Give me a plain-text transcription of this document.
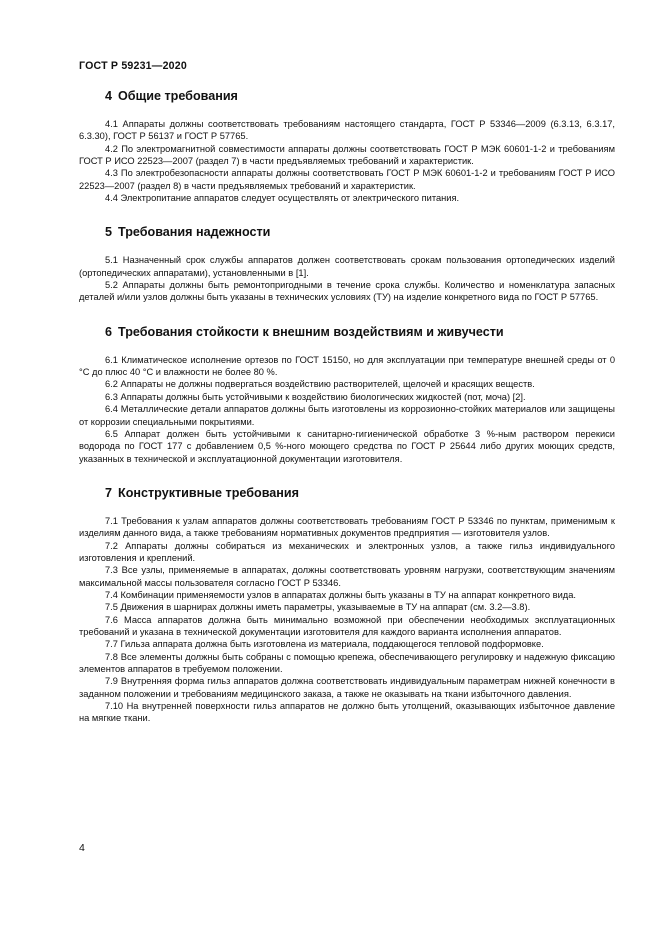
ГОСТ Р 59231—2020
4 Общие требования

4.1 Аппараты должны соответствовать требованиям настоящего стандарта, ГОСТ Р 53346—2009 (6.3.13, 6.3.17, 6.3.30), ГОСТ Р 56137 и ГОСТ Р 57765.

4.2 По электромагнитной совместимости аппараты должны соответствовать ГОСТ Р МЭК 60601-1-2 и требованиям ГОСТ Р ИСО 22523—2007 (раздел 7) в части предъявляемых требований и характеристик.

4.3 По электробезопасности аппараты должны соответствовать ГОСТ Р МЭК 60601-1-2 и требованиям ГОСТ Р ИСО 22523—2007 (раздел 8) в части предъявляемых требований и характеристик.

4.4 Электропитание аппаратов следует осуществлять от электрического питания.

5 Требования надежности

5.1 Назначенный срок службы аппаратов должен соответствовать срокам пользования ортопедических изделий (ортопедических аппаратами), установленными в [1].

5.2 Аппараты должны быть ремонтопригодными в течение срока службы. Количество и номенклатура запасных деталей и/или узлов должны быть указаны в технических условиях (ТУ) на изделие конкретного вида по ГОСТ Р 57765.

6 Требования стойкости к внешним воздействиям и живучести

6.1 Климатическое исполнение ортезов по ГОСТ 15150, но для эксплуатации при температуре внешней среды от 0 °С до плюс 40 °С и влажности не более 80 %.

6.2 Аппараты не должны подвергаться воздействию растворителей, щелочей и красящих веществ.

6.3 Аппараты должны быть устойчивыми к воздействию биологических жидкостей (пот, моча) [2].

6.4 Металлические детали аппаратов должны быть изготовлены из коррозионно-стойких материалов или защищены от коррозии специальными покрытиями.

6.5 Аппарат должен быть устойчивыми к санитарно-гигиенической обработке 3 %-ным раствором перекиси водорода по ГОСТ 177 с добавлением 0,5 %-ного моющего средства по ГОСТ Р 25644 либо других моющих средств, указанных в технической и эксплуатационной документации изготовителя.

7 Конструктивные требования

7.1 Требования к узлам аппаратов должны соответствовать требованиям ГОСТ Р 53346 по пунктам, применимым к изделиям данного вида, а также требованиям нормативных документов предприятия — изготовителя узлов.

7.2 Аппараты должны собираться из механических и электронных узлов, а также гильз индивидуального изготовления и креплений.

7.3 Все узлы, применяемые в аппаратах, должны соответствовать уровням нагрузки, соответствующим значениям максимальной массы пользователя согласно ГОСТ Р 53346.

7.4 Комбинации применяемости узлов в аппаратах должны быть указаны в ТУ на аппарат конкретного вида.

7.5 Движения в шарнирах должны иметь параметры, указываемые в ТУ на аппарат (см. 3.2—3.8).

7.6 Масса аппаратов должна быть минимально возможной при обеспечении необходимых эксплуатационных требований и указана в технической документации изготовителя для каждого варианта исполнения аппаратов.

7.7 Гильза аппарата должна быть изготовлена из материала, поддающегося тепловой подформовке.

7.8 Все элементы должны быть собраны с помощью крепежа, обеспечивающего регулировку и надежную фиксацию элементов аппаратов в требуемом положении.

7.9 Внутренняя форма гильз аппаратов должна соответствовать индивидуальным параметрам нижней конечности в заданном положении и требованиям медицинского заказа, а также не оказывать на ткани избыточного давления.

7.10 На внутренней поверхности гильз аппаратов не должно быть утолщений, оказывающих избыточное давление на мягкие ткани.

4
